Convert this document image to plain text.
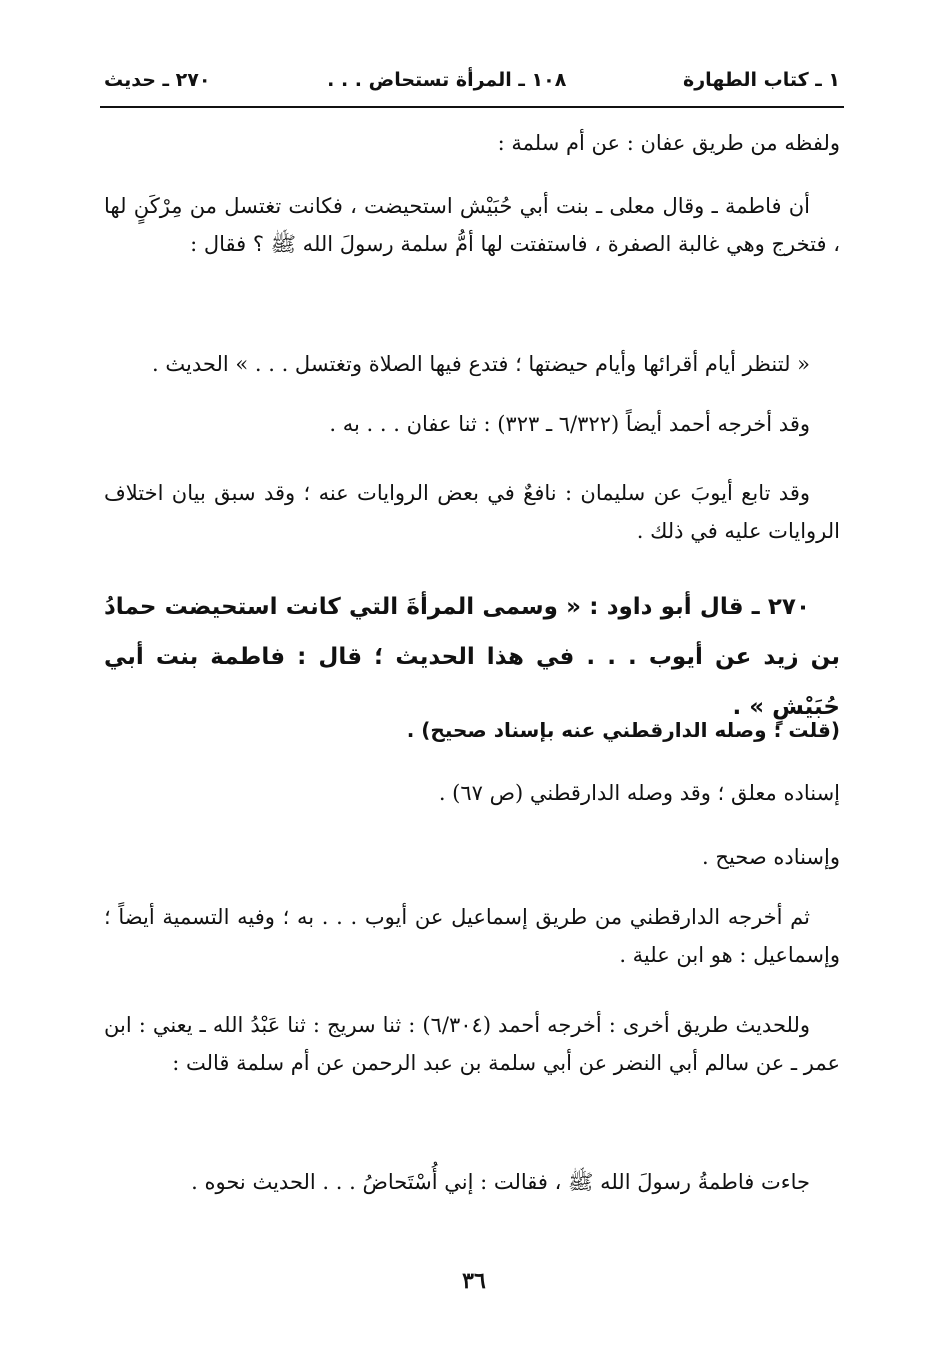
١ ـ كتاب الطهارة
١٠٨ ـ المرأة تستحاض . . .
٢٧٠ ـ حديث
ولفظه من طريق عفان : عن أم سلمة :
أن فاطمة ـ وقال معلى ـ بنت أبي حُبَيْش استحيضت ، فكانت تغتسل من مِرْكَنٍ لها ، فتخرج وهي غالبة الصفرة ، فاستفتت لها أمُّ سلمة رسولَ الله ﷺ ؟ فقال :
« لتنظر أيام أقرائها وأيام حيضتها ؛ فتدع فيها الصلاة وتغتسل . . . » الحديث .
وقد أخرجه أحمد أيضاً (٦/٣٢٢ ـ ٣٢٣) : ثنا عفان . . . به .
وقد تابع أيوبَ عن سليمان : نافعٌ في بعض الروايات عنه ؛ وقد سبق بيان اختلاف الروايات عليه في ذلك .
٢٧٠ ـ قال أبو داود : « وسمى المرأةَ التي كانت استحيضت حمادُ بن زيد عن أيوب . . . في هذا الحديث ؛ قال : فاطمة بنت أبي حُبَيْشٍ » .
(قلت : وصله الدارقطني عنه بإسناد صحيح) .
إسناده معلق ؛ وقد وصله الدارقطني (ص ٦٧) .
وإسناده صحيح .
ثم أخرجه الدارقطني من طريق إسماعيل عن أيوب . . . به ؛ وفيه التسمية أيضاً ؛ وإسماعيل : هو ابن علية .
وللحديث طريق أخرى : أخرجه أحمد (٦/٣٠٤) : ثنا سريج : ثنا عَبْدُ الله ـ يعني : ابن عمر ـ عن سالم أبي النضر عن أبي سلمة بن عبد الرحمن عن أم سلمة قالت :
جاءت فاطمةُ رسولَ الله ﷺ ، فقالت : إني أُسْتَحاضُ . . . الحديث نحوه .
٣٦
